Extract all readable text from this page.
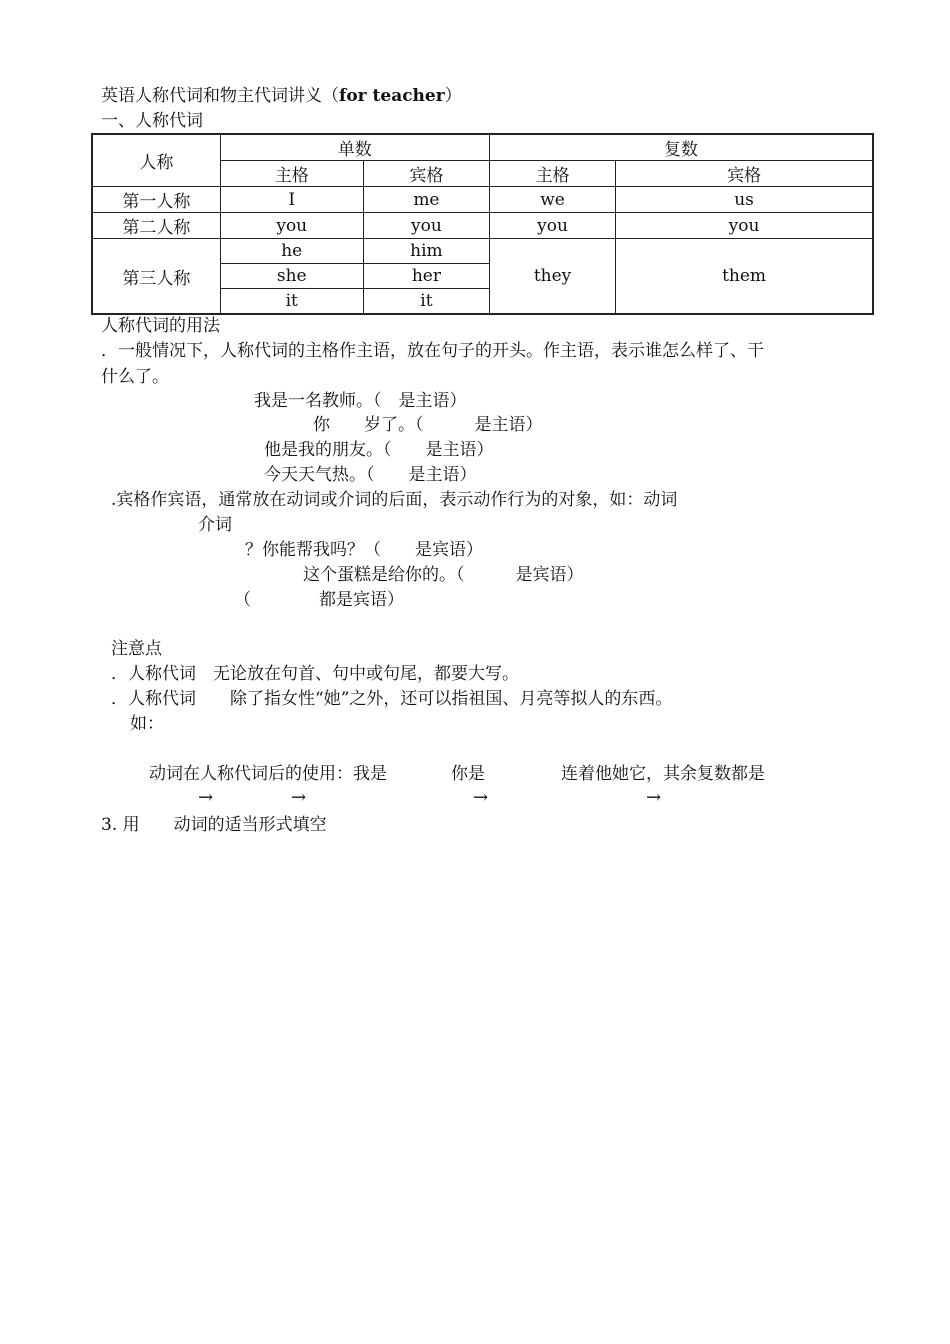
英语人称代词和物主代词讲义（for teacher）
一、人称代词
人称	单数		复数	
	主格	宾格	主格	宾格
第一人称	I	me	we	us
第二人称	you	you	you	you
第三人称	he	him	they	them
	she	her		
	it	it		
人称代词的用法
．一般情况下，人称代词的主格作主语，放在句子的开头。作主语，表示谁怎么样了、干
什么了。
我是一名教师。（　是主语）
你　　岁了。（　　　是主语）
他是我的朋友。（　　是主语）
今天天气热。（　　是主语）
.宾格作宾语，通常放在动词或介词的后面，表示动作行为的对象，如：动词
介词
？你能帮我吗？（　　是宾语）
这个蛋糕是给你的。（　　　是宾语）
（　　　　都是宾语）
注意点
．人称代词　无论放在句首、句中或句尾，都要大写。
．人称代词　　除了指女性“她”之外，还可以指祖国、月亮等拟人的东西。
如：
动词在人称代词后的使用：我是	你是	连着他她它，其余复数都是
→	→	→	→
3. 用　　动词的适当形式填空
